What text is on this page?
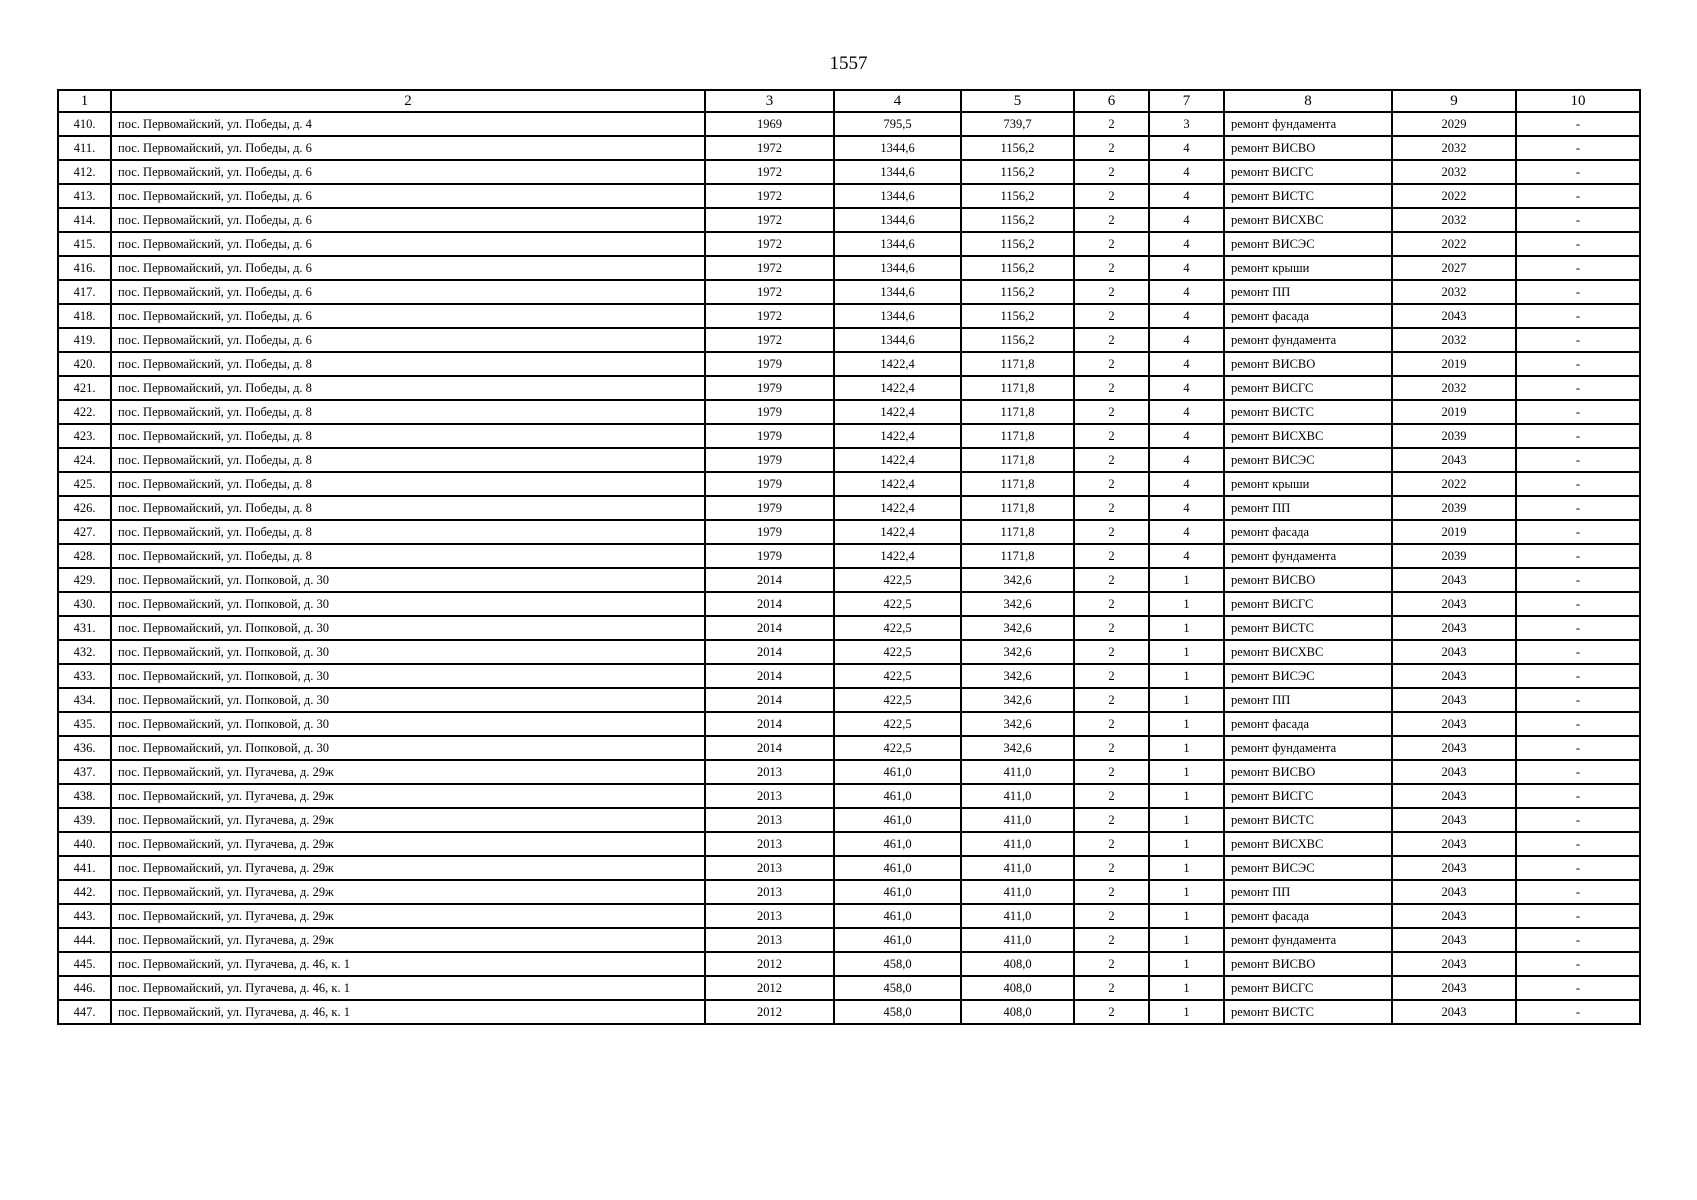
1557
1	2	3	4	5	6	7	8	9	10
410.	пос. Первомайский, ул. Победы, д. 4	1969	795,5	739,7	2	3	ремонт фундамента	2029	-
411.	пос. Первомайский, ул. Победы, д. 6	1972	1344,6	1156,2	2	4	ремонт ВИСВО	2032	-
412.	пос. Первомайский, ул. Победы, д. 6	1972	1344,6	1156,2	2	4	ремонт ВИСГС	2032	-
413.	пос. Первомайский, ул. Победы, д. 6	1972	1344,6	1156,2	2	4	ремонт ВИСТС	2022	-
414.	пос. Первомайский, ул. Победы, д. 6	1972	1344,6	1156,2	2	4	ремонт ВИСХВС	2032	-
415.	пос. Первомайский, ул. Победы, д. 6	1972	1344,6	1156,2	2	4	ремонт ВИСЭС	2022	-
416.	пос. Первомайский, ул. Победы, д. 6	1972	1344,6	1156,2	2	4	ремонт крыши	2027	-
417.	пос. Первомайский, ул. Победы, д. 6	1972	1344,6	1156,2	2	4	ремонт ПП	2032	-
418.	пос. Первомайский, ул. Победы, д. 6	1972	1344,6	1156,2	2	4	ремонт фасада	2043	-
419.	пос. Первомайский, ул. Победы, д. 6	1972	1344,6	1156,2	2	4	ремонт фундамента	2032	-
420.	пос. Первомайский, ул. Победы, д. 8	1979	1422,4	1171,8	2	4	ремонт ВИСВО	2019	-
421.	пос. Первомайский, ул. Победы, д. 8	1979	1422,4	1171,8	2	4	ремонт ВИСГС	2032	-
422.	пос. Первомайский, ул. Победы, д. 8	1979	1422,4	1171,8	2	4	ремонт ВИСТС	2019	-
423.	пос. Первомайский, ул. Победы, д. 8	1979	1422,4	1171,8	2	4	ремонт ВИСХВС	2039	-
424.	пос. Первомайский, ул. Победы, д. 8	1979	1422,4	1171,8	2	4	ремонт ВИСЭС	2043	-
425.	пос. Первомайский, ул. Победы, д. 8	1979	1422,4	1171,8	2	4	ремонт крыши	2022	-
426.	пос. Первомайский, ул. Победы, д. 8	1979	1422,4	1171,8	2	4	ремонт ПП	2039	-
427.	пос. Первомайский, ул. Победы, д. 8	1979	1422,4	1171,8	2	4	ремонт фасада	2019	-
428.	пос. Первомайский, ул. Победы, д. 8	1979	1422,4	1171,8	2	4	ремонт фундамента	2039	-
429.	пос. Первомайский, ул. Попковой, д. 30	2014	422,5	342,6	2	1	ремонт ВИСВО	2043	-
430.	пос. Первомайский, ул. Попковой, д. 30	2014	422,5	342,6	2	1	ремонт ВИСГС	2043	-
431.	пос. Первомайский, ул. Попковой, д. 30	2014	422,5	342,6	2	1	ремонт ВИСТС	2043	-
432.	пос. Первомайский, ул. Попковой, д. 30	2014	422,5	342,6	2	1	ремонт ВИСХВС	2043	-
433.	пос. Первомайский, ул. Попковой, д. 30	2014	422,5	342,6	2	1	ремонт ВИСЭС	2043	-
434.	пос. Первомайский, ул. Попковой, д. 30	2014	422,5	342,6	2	1	ремонт ПП	2043	-
435.	пос. Первомайский, ул. Попковой, д. 30	2014	422,5	342,6	2	1	ремонт фасада	2043	-
436.	пос. Первомайский, ул. Попковой, д. 30	2014	422,5	342,6	2	1	ремонт фундамента	2043	-
437.	пос. Первомайский, ул. Пугачева, д. 29ж	2013	461,0	411,0	2	1	ремонт ВИСВО	2043	-
438.	пос. Первомайский, ул. Пугачева, д. 29ж	2013	461,0	411,0	2	1	ремонт ВИСГС	2043	-
439.	пос. Первомайский, ул. Пугачева, д. 29ж	2013	461,0	411,0	2	1	ремонт ВИСТС	2043	-
440.	пос. Первомайский, ул. Пугачева, д. 29ж	2013	461,0	411,0	2	1	ремонт ВИСХВС	2043	-
441.	пос. Первомайский, ул. Пугачева, д. 29ж	2013	461,0	411,0	2	1	ремонт ВИСЭС	2043	-
442.	пос. Первомайский, ул. Пугачева, д. 29ж	2013	461,0	411,0	2	1	ремонт ПП	2043	-
443.	пос. Первомайский, ул. Пугачева, д. 29ж	2013	461,0	411,0	2	1	ремонт фасада	2043	-
444.	пос. Первомайский, ул. Пугачева, д. 29ж	2013	461,0	411,0	2	1	ремонт фундамента	2043	-
445.	пос. Первомайский, ул. Пугачева, д. 46, к. 1	2012	458,0	408,0	2	1	ремонт ВИСВО	2043	-
446.	пос. Первомайский, ул. Пугачева, д. 46, к. 1	2012	458,0	408,0	2	1	ремонт ВИСГС	2043	-
447.	пос. Первомайский, ул. Пугачева, д. 46, к. 1	2012	458,0	408,0	2	1	ремонт ВИСТС	2043	-
